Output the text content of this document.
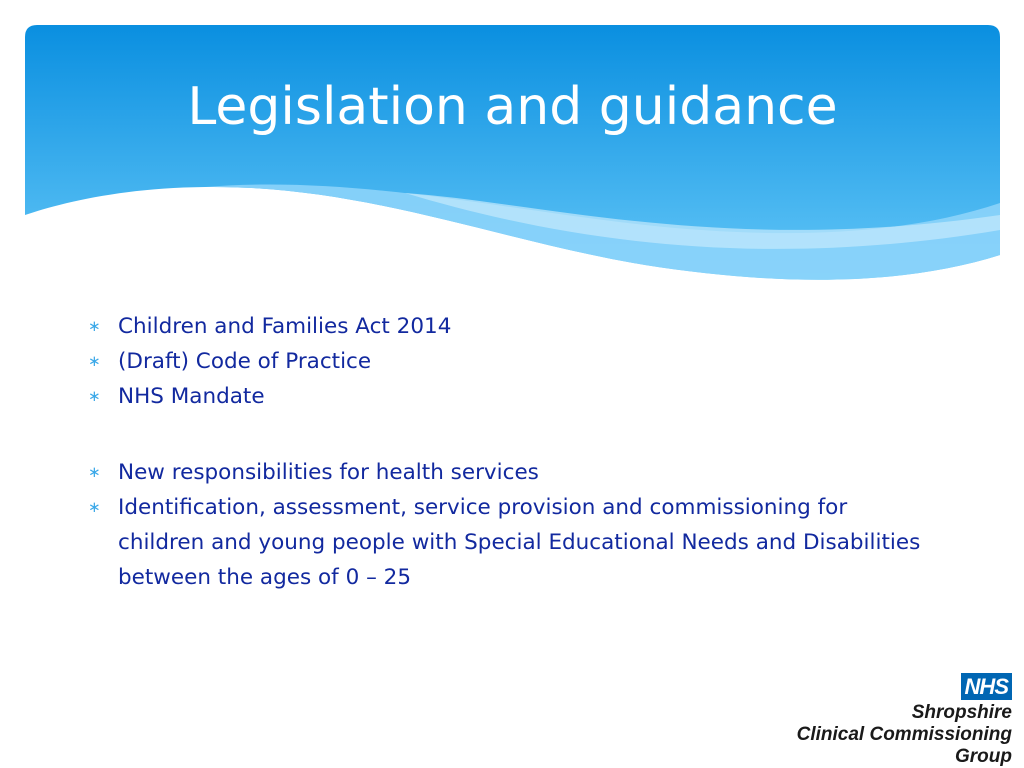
Legislation and guidance
∗ Children and Families Act 2014
∗ (Draft) Code of Practice
∗ NHS Mandate
∗ New responsibilities for health services
∗ Identification, assessment, service provision and commissioning for children and young people with Special Educational Needs and Disabilities between the ages of 0 – 25
NHS
Shropshire
Clinical Commissioning Group
